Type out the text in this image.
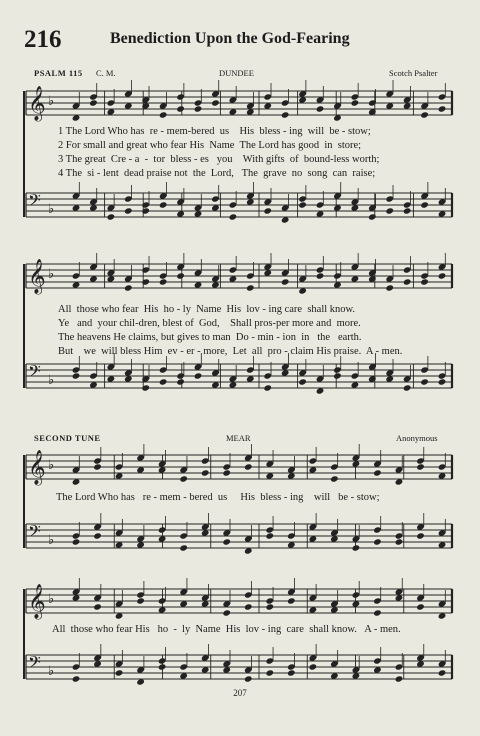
216	Benediction Upon the God-Fearing
PSALM 115 C. M.	DUNDEE	Scotch Psalter
𝄞 ♭
𝄢 ♭
𝄞 ♭
𝄢 ♭
𝄞 ♭
𝄢 ♭
𝄞 ♭
𝄢 ♭
1 The Lord Who has  re - mem-bered  us    His  bless - ing  will  be - stow;
2 For small and great who fear His  Name  The Lord has good  in  store;
3 The great  Cre - a  -  tor  bless - es   you    With gifts  of  bound-less worth;
4 The  si - lent  dead praise not  the  Lord,   The  grave  no  song  can  raise;
All  those who fear  His  ho - ly  Name  His  lov - ing care  shall know.
Ye   and  your chil-dren, blest of  God,    Shall pros-per more and  more.
The heavens He claims, but gives to man  Do - min - ion  in   the   earth.
But    we  will bless Him  ev - er - more,  Let  all  pro - claim His praise.  A - men.
SECOND TUNE	MEAR	Anonymous
The Lord Who has   re - mem - bered  us     His  bless - ing    will   be - stow;
All  those who fear His   ho  -  ly  Name  His  lov - ing  care  shall know.   A - men.
207
